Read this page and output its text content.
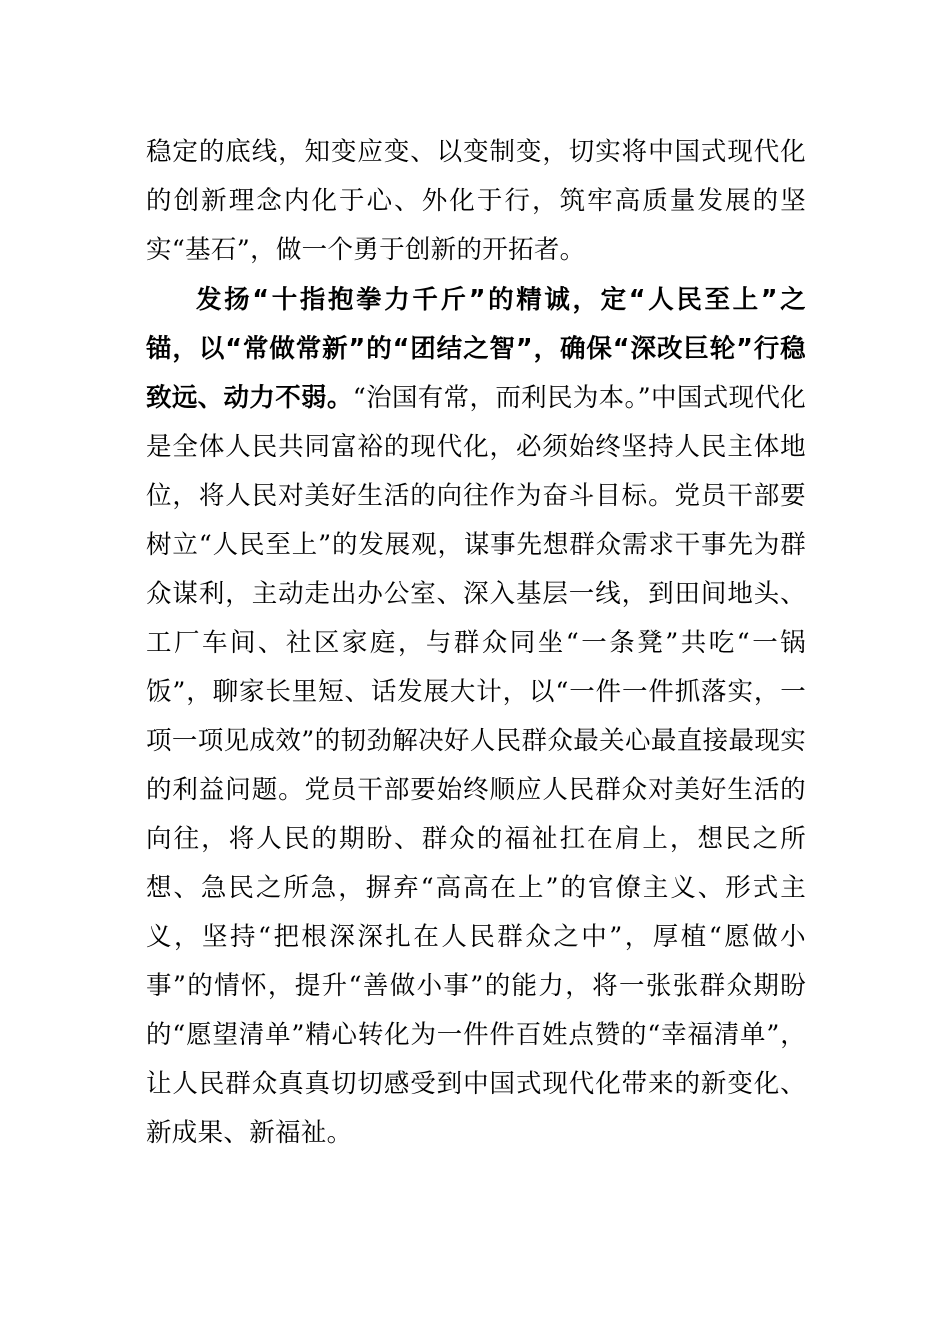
稳定的底线，知变应变、以变制变，切实将中国式现代化的创新理念内化于心、外化于行，筑牢高质量发展的坚实“基石”，做一个勇于创新的开拓者。

发扬“十指抱拳力千斤”的精诚，定“人民至上”之锚，以“常做常新”的“团结之智”，确保“深改巨轮”行稳致远、动力不弱。“治国有常，而利民为本。”中国式现代化是全体人民共同富裕的现代化，必须始终坚持人民主体地位，将人民对美好生活的向往作为奋斗目标。党员干部要树立“人民至上”的发展观，谋事先想群众需求干事先为群众谋利，主动走出办公室、深入基层一线，到田间地头、工厂车间、社区家庭，与群众同坐“一条凳”共吃“一锅饭”，聊家长里短、话发展大计，以“一件一件抓落实，一项一项见成效”的韧劲解决好人民群众最关心最直接最现实的利益问题。党员干部要始终顺应人民群众对美好生活的向往，将人民的期盼、群众的福祉扛在肩上，想民之所想、急民之所急，摒弃“高高在上”的官僚主义、形式主义，坚持“把根深深扎在人民群众之中”，厚植“愿做小事”的情怀，提升“善做小事”的能力，将一张张群众期盼的“愿望清单”精心转化为一件件百姓点赞的“幸福清单”，让人民群众真真切切感受到中国式现代化带来的新变化、新成果、新福祉。
